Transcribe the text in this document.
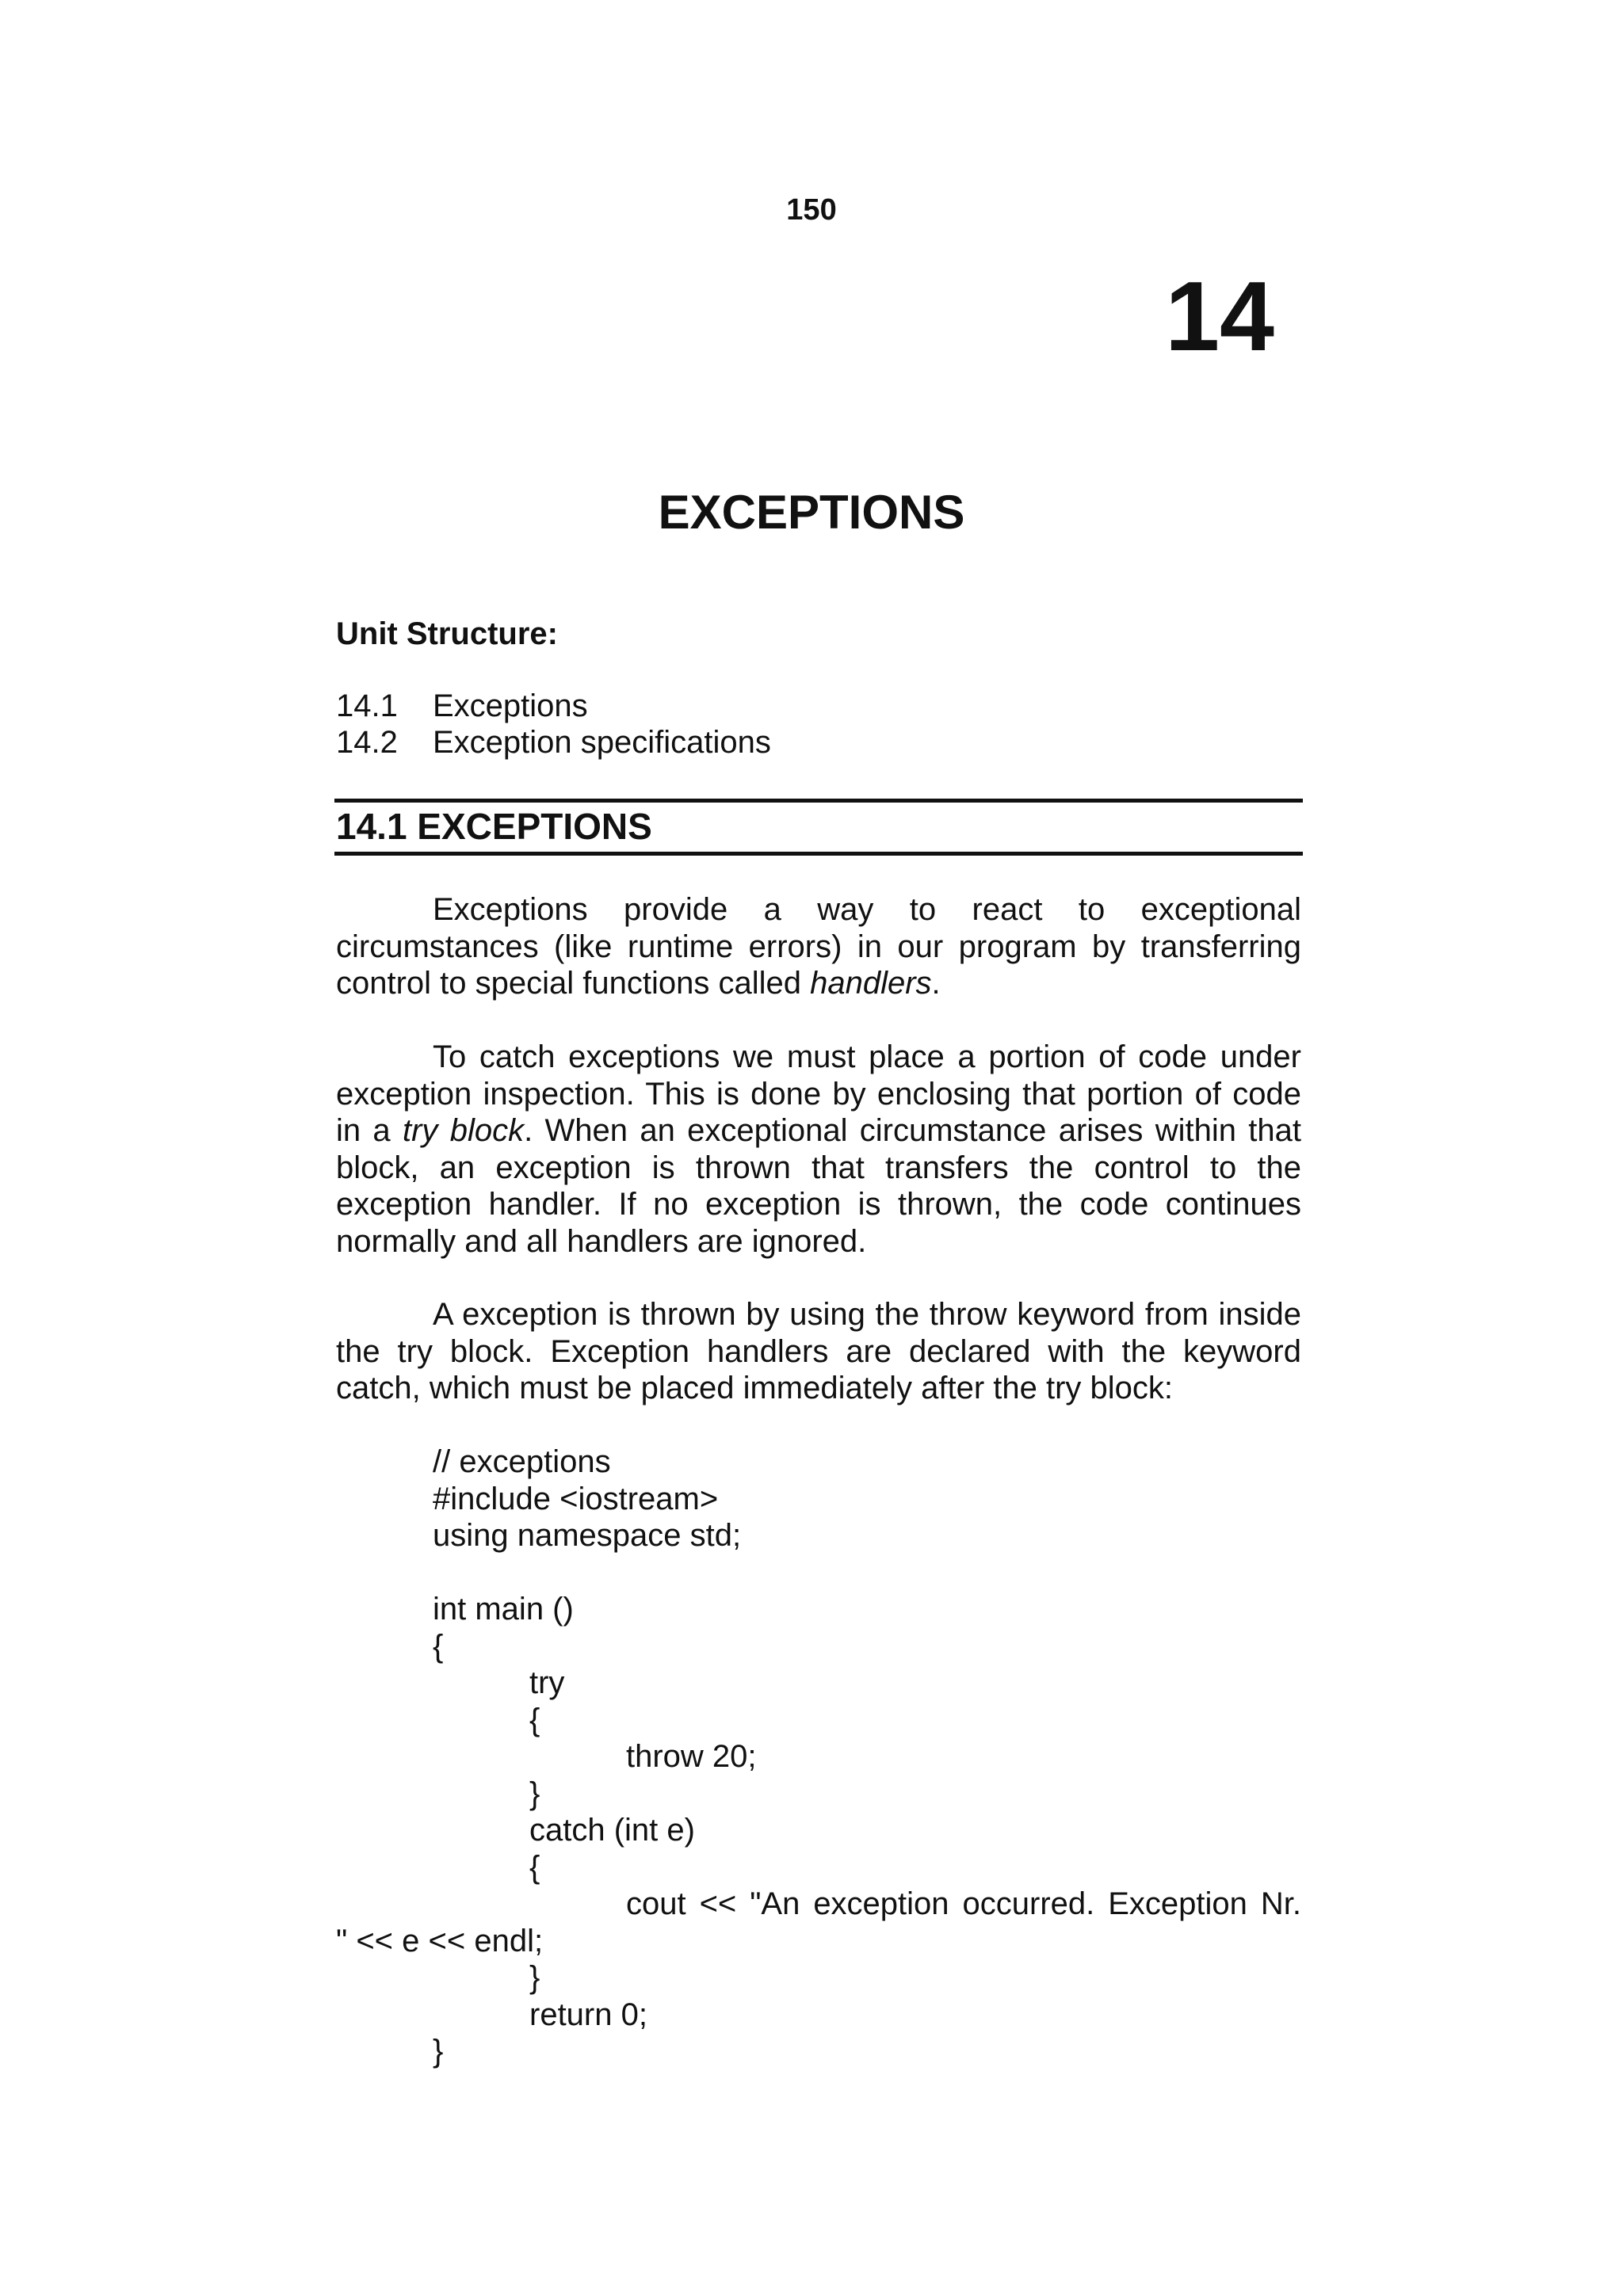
150
14
EXCEPTIONS
Unit Structure:
14.1	Exceptions
14.2	Exception specifications
14.1 EXCEPTIONS
Exceptions provide a way to react to exceptional circumstances (like runtime errors) in our program by transferring control to special functions called handlers.
To catch exceptions we must place a portion of code under exception inspection. This is done by enclosing that portion of code in a try block. When an exceptional circumstance arises within that block, an exception is thrown that transfers the control to the exception handler. If no exception is thrown, the code continues normally and all handlers are ignored.
A exception is thrown by using the throw keyword from inside the try block. Exception handlers are declared with the keyword catch, which must be placed immediately after the try block:
// exceptions
#include <iostream>
using namespace std;
int main ()
{
try
{
throw 20;
}
catch (int e)
{
cout << "An exception occurred. Exception Nr.
" << e << endl;
}
return 0;
}
